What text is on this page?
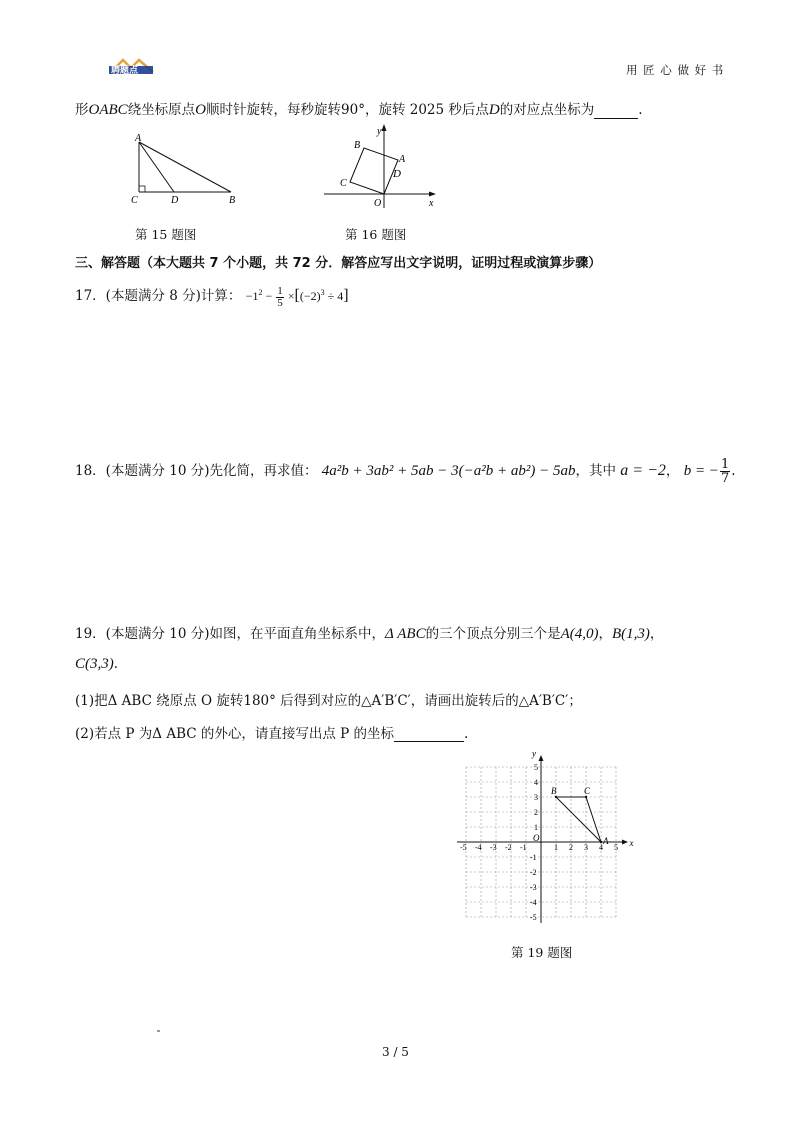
聘题点	用 匠 心 做 好 书
形OABC绕坐标原点O顺时针旋转，每秒旋转90°，旋转 2025 秒后点D的对应点坐标为	.
A
C	D	B
第 15 题图
y
x
B
A
D
C
O
第 16 题图
三、解答题（本大题共 7 个小题，共 72 分．解答应写出文字说明，证明过程或演算步骤）
17．(本题满分 8 分)计算： $-1^2 - \frac{1}{5} \times[(-2)^3 \div 4]$
18．(本题满分 10 分)先化简，再求值： 4a²b + 3ab² + 5ab − 3(−a²b + ab²) − 5ab，其中 a = −2， b = − $\frac{1}{7}$ .
19．(本题满分 10 分)如图，在平面直角坐标系中，Δ ABC的三个顶点分别三个是A(4,0)，B(1,3)，
C(3,3).
(1)把Δ ABC 绕原点 O 旋转180° 后得到对应的△A′B′C′，请画出旋转后的△A′B′C′；
(2)若点 P 为Δ ABC 的外心，请直接写出点 P 的坐标	.
x
y
O
-5 -4 -3 -2 -1	1 2 3 4 5
5
4
3
2
1
-1
-2
-3
-4
-5
A
B	C
第 19 题图
3 / 5
